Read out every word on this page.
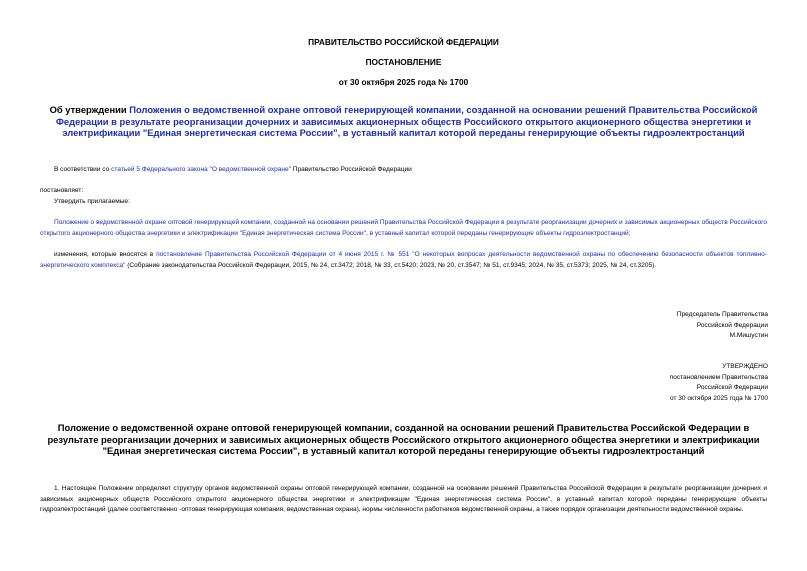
ПРАВИТЕЛЬСТВО РОССИЙСКОЙ ФЕДЕРАЦИИ
ПОСТАНОВЛЕНИЕ
от 30 октября 2025 года № 1700
Об утверждении Положения о ведомственной охране оптовой генерирующей компании, созданной на основании решений Правительства Российской Федерации в результате реорганизации дочерних и зависимых акционерных обществ Российского открытого акционерного общества энергетики и электрификации "Единая энергетическая система России", в уставный капитал которой переданы генерирующие объекты гидроэлектростанций
В соответствии со статьей 5 Федерального закона "О ведомственной охране" Правительство Российской Федерации
постановляет:
Утвердить прилагаемые:
Положение о ведомственной охране оптовой генерирующей компании, созданной на основании решений Правительства Российской Федерации в результате реорганизации дочерних и зависимых акционерных обществ Российского открытого акционерного общества энергетики и электрификации "Единая энергетическая система России", в уставный капитал которой переданы генерирующие объекты гидроэлектростанций;
изменения, которые вносятся в постановление Правительства Российской Федерации от 4 июня 2015 г. № 551 "О некоторых вопросах деятельности ведомственной охраны по обеспечению безопасности объектов топливно-энергетического комплекса" (Собрание законодательства Российской Федерации, 2015, № 24, ст.3472; 2018, № 33, ст.5420; 2023, № 20, ст.3547; № 51, ст.9345; 2024, № 35, ст.5373; 2025, № 24, ст.3205).
Председатель Правительства
Российской Федерации
М.Мишустин
УТВЕРЖДЕНО
постановлением Правительства
Российской Федерации
от 30 октября 2025 года № 1700
Положение о ведомственной охране оптовой генерирующей компании, созданной на основании решений Правительства Российской Федерации в результате реорганизации дочерних и зависимых акционерных обществ Российского открытого акционерного общества энергетики и электрификации "Единая энергетическая система России", в уставный капитал которой переданы генерирующие объекты гидроэлектростанций
1. Настоящее Положение определяет структуру органов ведомственной охраны оптовой генерирующей компании, созданной на основании решений Правительства Российской Федерации в результате реорганизации дочерних и зависимых акционерных обществ Российского открытого акционерного общества энергетики и электрификации "Единая энергетическая система России", в уставный капитал которой переданы генерирующие объекты гидроэлектростанций (далее соответственно -оптовая генерирующая компания, ведомственная охрана), нормы численности работников ведомственной охраны, а также порядок организации деятельности ведомственной охраны.
